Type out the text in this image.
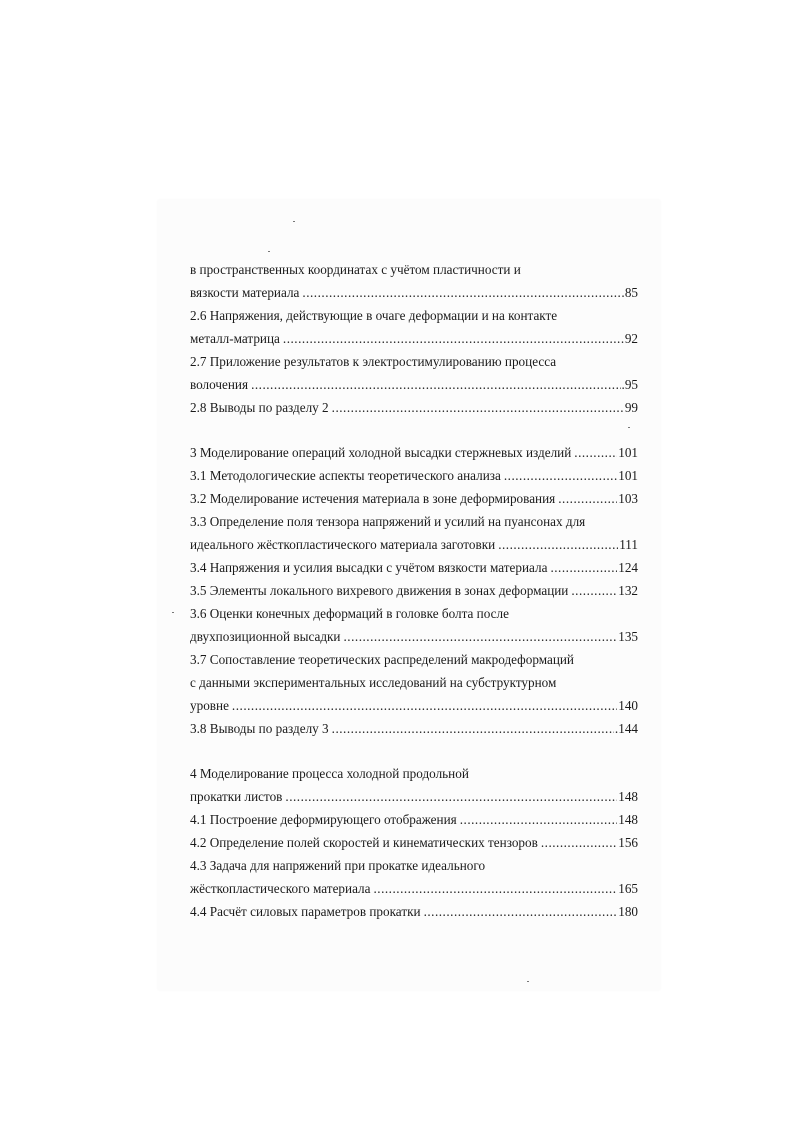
в пространственных координатах с учётом пластичности и
вязкости материала .....	85
2.6 Напряжения, действующие в очаге деформации и на контакте
металл-матрица .....	92
2.7 Приложение результатов к электростимулированию процесса
волочения .....	.95
2.8 Выводы по разделу 2 .....	99
3 Моделирование операций холодной высадки стержневых изделий .....	101
3.1 Методологические аспекты теоретического анализа .....	101
3.2 Моделирование истечения материала в зоне деформирования .....	103
3.3 Определение поля тензора напряжений и усилий на пуансонах для
идеального жёсткопластического материала заготовки .....	111
3.4 Напряжения и усилия высадки с учётом вязкости материала .....	124
3.5 Элементы локального вихревого движения в зонах деформации .....	132
3.6 Оценки конечных деформаций в головке болта после
двухпозиционной высадки .....	135
3.7 Сопоставление теоретических распределений макродеформаций
с данными экспериментальных исследований на субструктурном
уровне .....	140
3.8 Выводы по разделу 3 .....	.144
4 Моделирование процесса холодной продольной
прокатки листов .....	148
4.1 Построение деформирующего отображения .....	148
4.2 Определение полей скоростей и кинематических тензоров .....	156
4.3 Задача для напряжений при прокатке идеального
жёсткопластического материала .....	165
4.4 Расчёт силовых параметров прокатки .....	180
